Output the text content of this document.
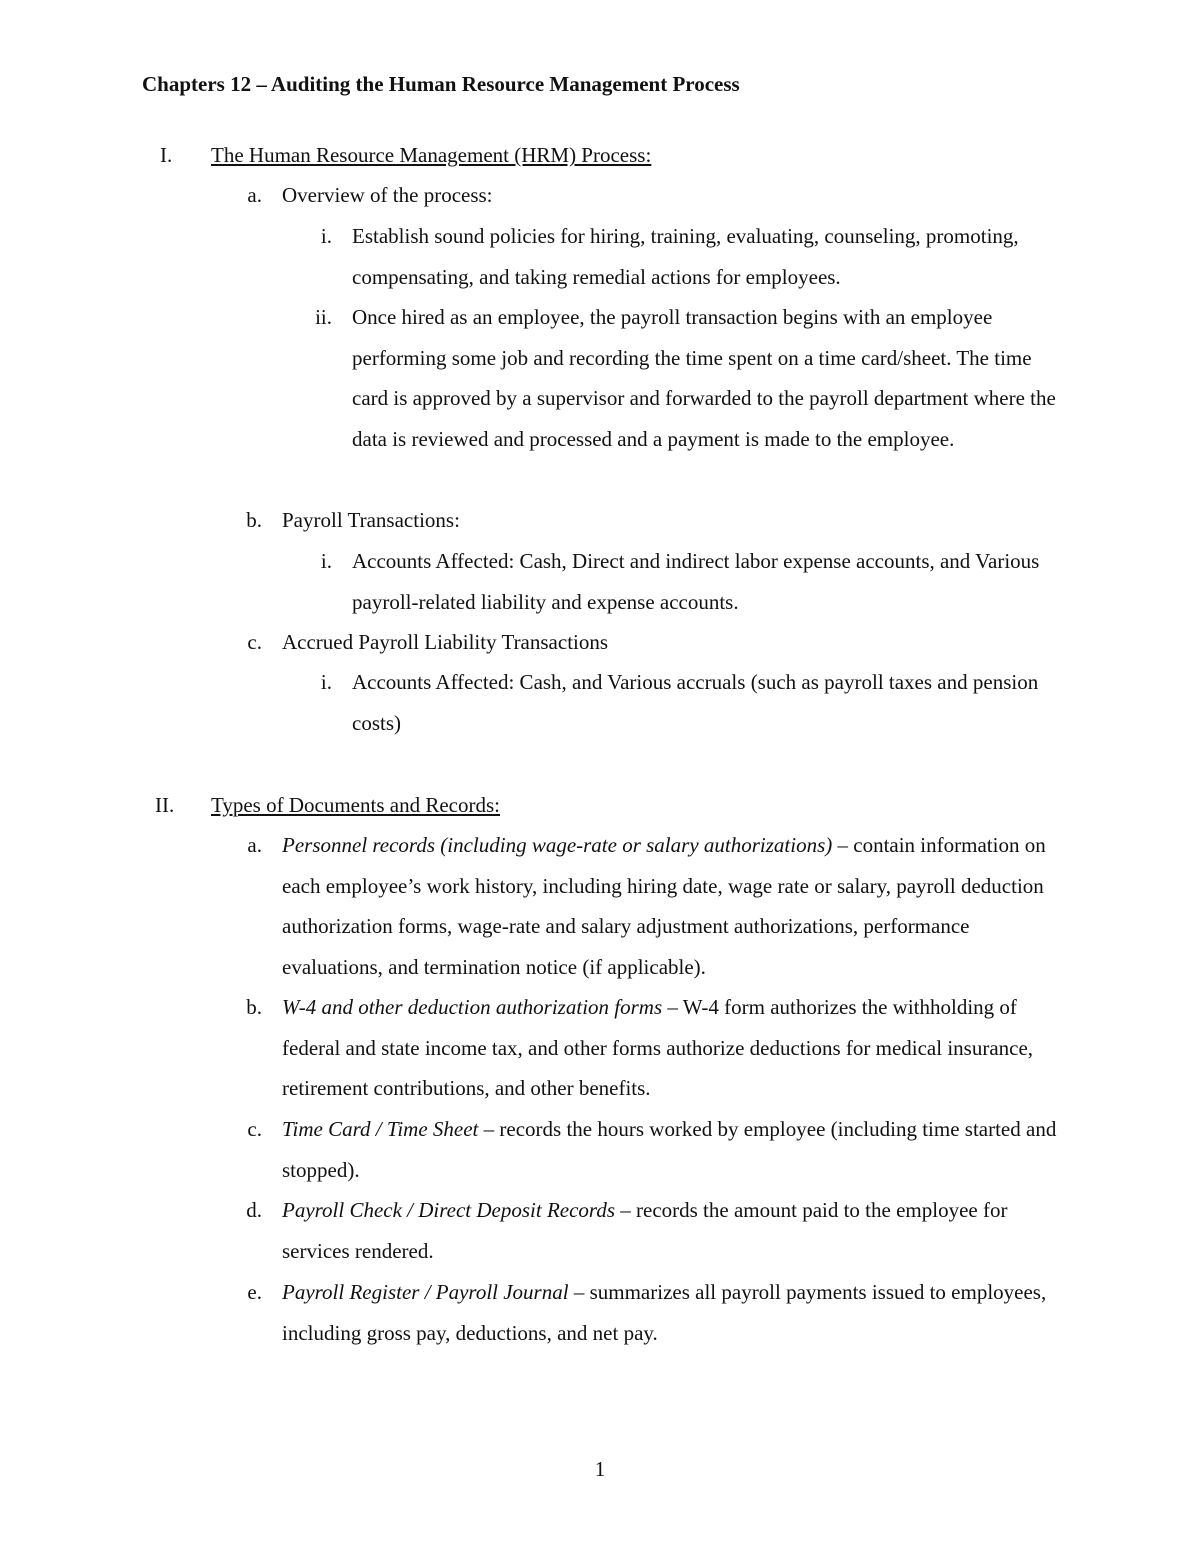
Chapters 12 – Auditing the Human Resource Management Process
I. The Human Resource Management (HRM) Process:
a. Overview of the process:
i. Establish sound policies for hiring, training, evaluating, counseling, promoting, compensating, and taking remedial actions for employees.
ii. Once hired as an employee, the payroll transaction begins with an employee performing some job and recording the time spent on a time card/sheet. The time card is approved by a supervisor and forwarded to the payroll department where the data is reviewed and processed and a payment is made to the employee.
b. Payroll Transactions:
i. Accounts Affected: Cash, Direct and indirect labor expense accounts, and Various payroll-related liability and expense accounts.
c. Accrued Payroll Liability Transactions
i. Accounts Affected: Cash, and Various accruals (such as payroll taxes and pension costs)
II. Types of Documents and Records:
a. Personnel records (including wage-rate or salary authorizations) – contain information on each employee’s work history, including hiring date, wage rate or salary, payroll deduction authorization forms, wage-rate and salary adjustment authorizations, performance evaluations, and termination notice (if applicable).
b. W-4 and other deduction authorization forms – W-4 form authorizes the withholding of federal and state income tax, and other forms authorize deductions for medical insurance, retirement contributions, and other benefits.
c. Time Card / Time Sheet – records the hours worked by employee (including time started and stopped).
d. Payroll Check / Direct Deposit Records – records the amount paid to the employee for services rendered.
e. Payroll Register / Payroll Journal – summarizes all payroll payments issued to employees, including gross pay, deductions, and net pay.
1
